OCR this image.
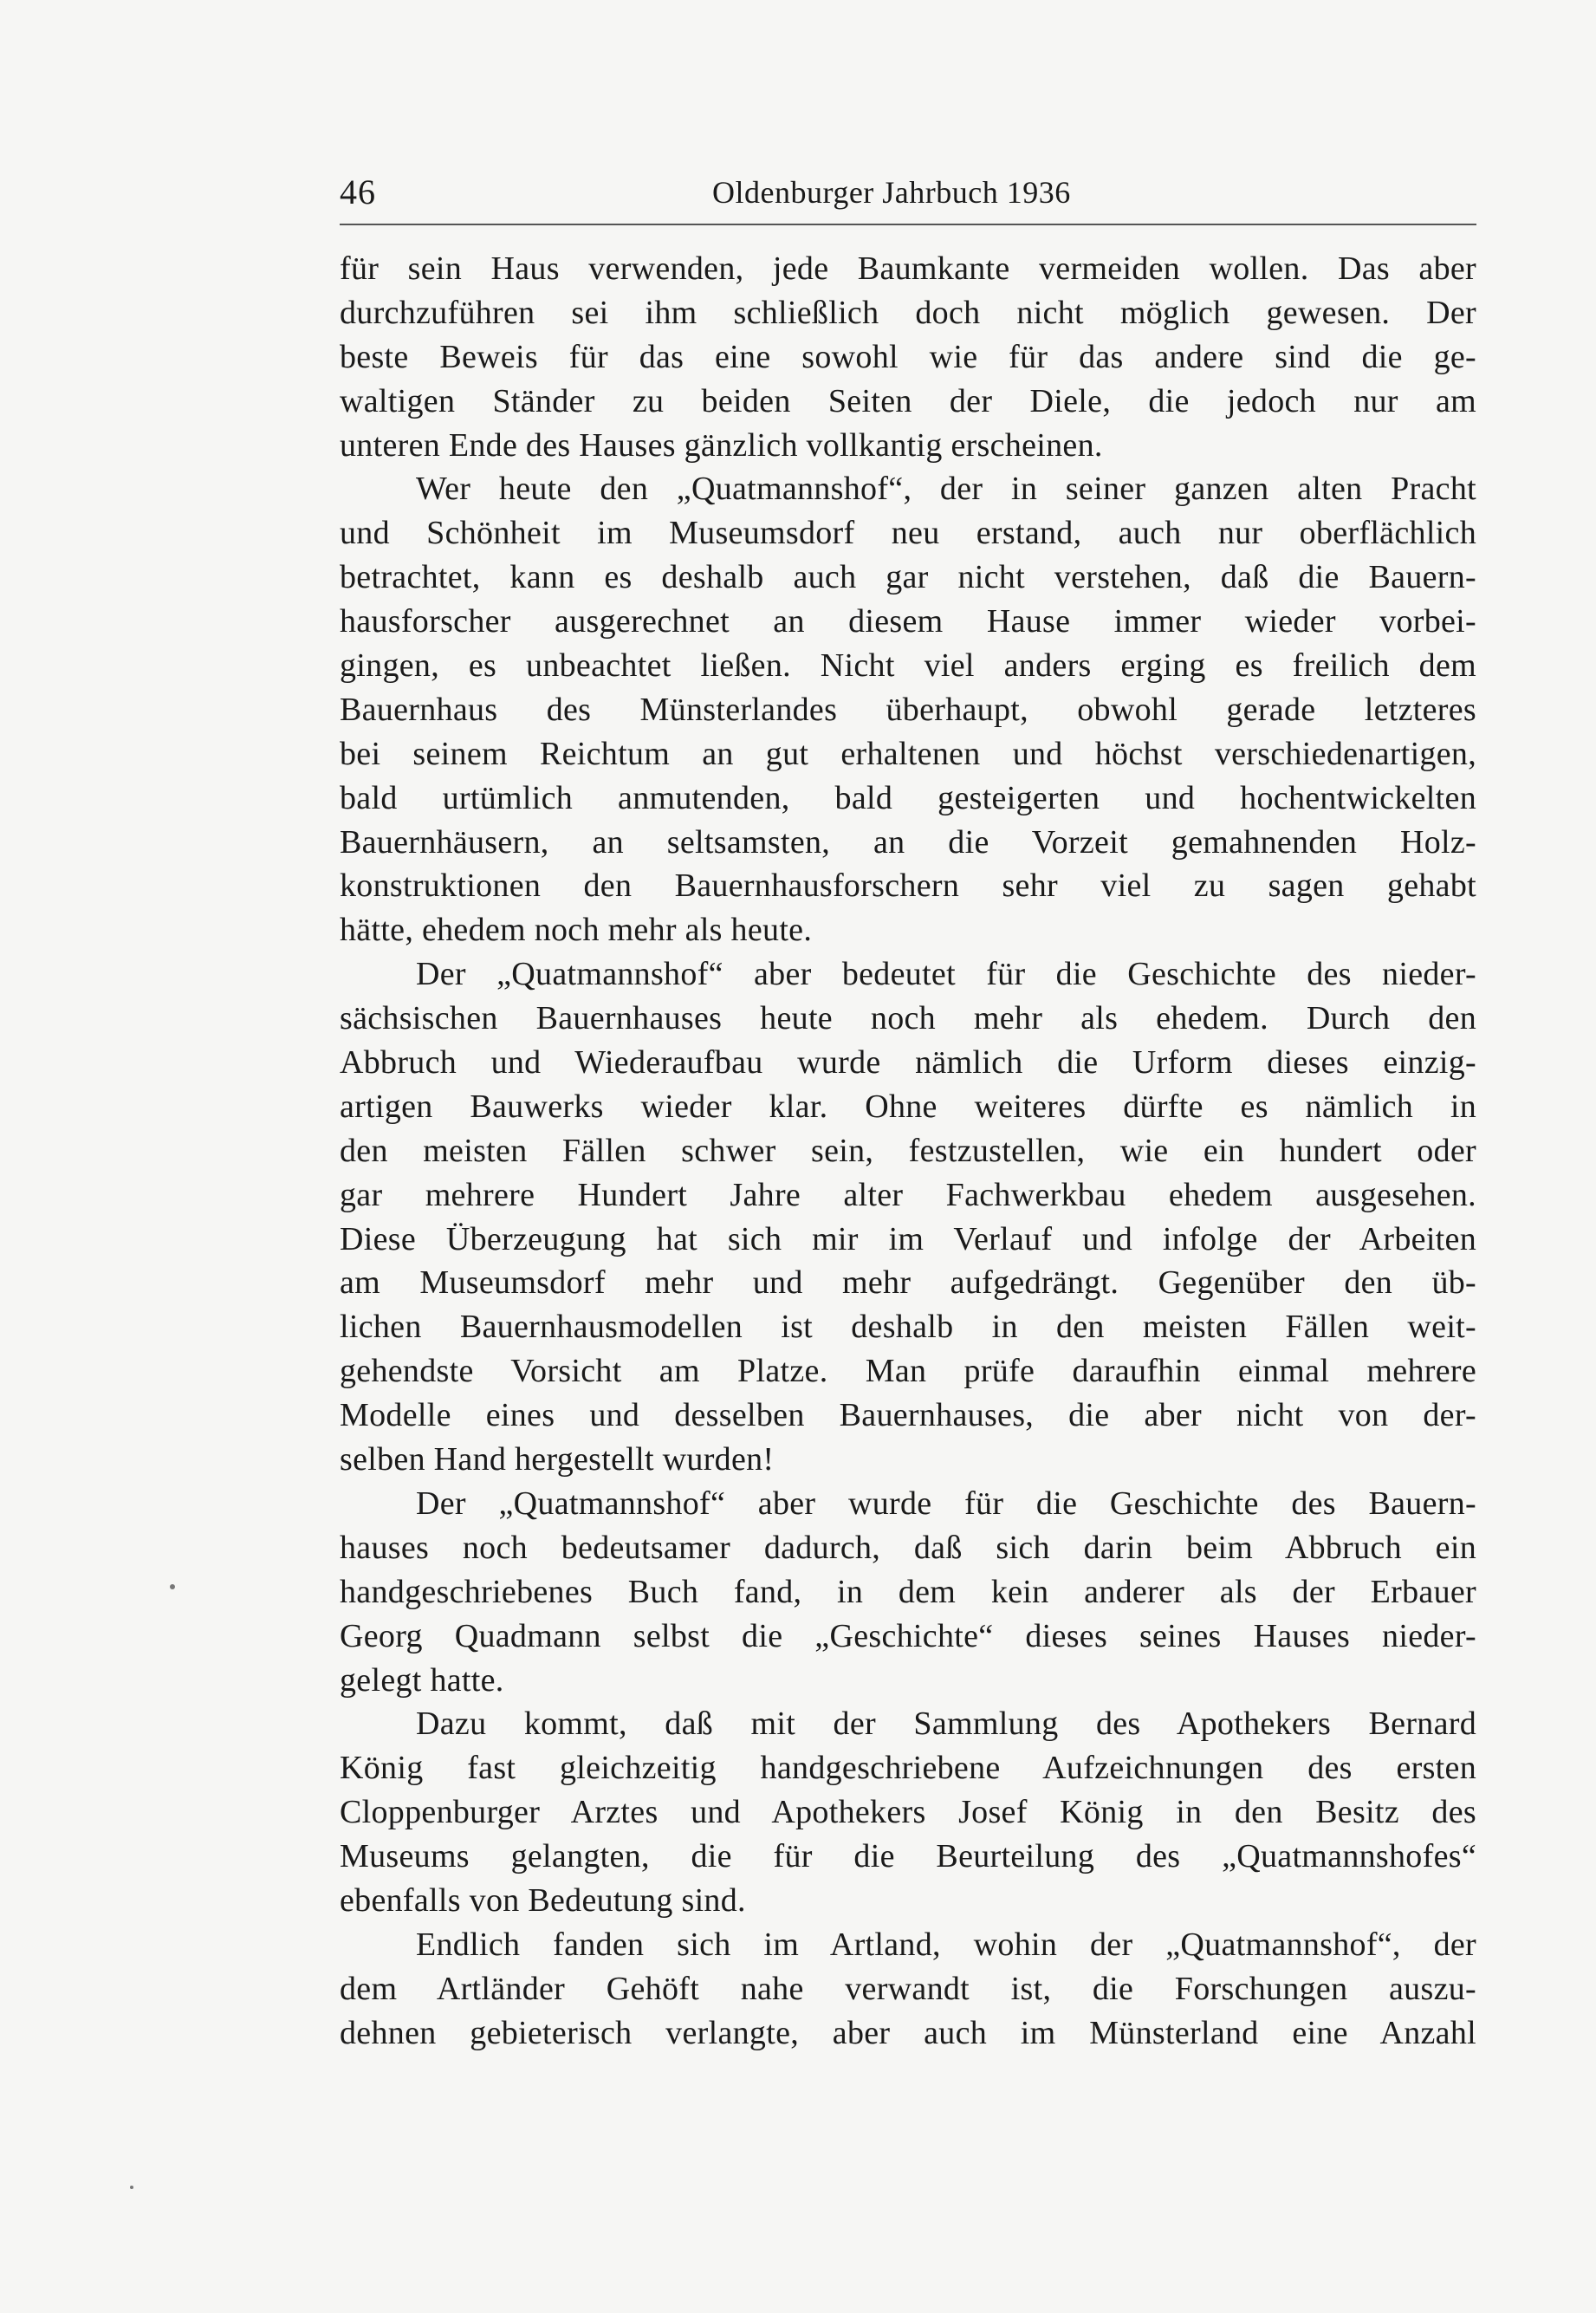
46	Oldenburger Jahrbuch 1936
für sein Haus verwenden, jede Baumkante vermeiden wollen. Das aber
durchzuführen sei ihm schließlich doch nicht möglich gewesen. Der
beste Beweis für das eine sowohl wie für das andere sind die ge-
waltigen Ständer zu beiden Seiten der Diele, die jedoch nur am
unteren Ende des Hauses gänzlich vollkantig erscheinen.
Wer heute den „Quatmannshof“, der in seiner ganzen alten Pracht
und Schönheit im Museumsdorf neu erstand, auch nur oberflächlich
betrachtet, kann es deshalb auch gar nicht verstehen, daß die Bauern-
hausforscher ausgerechnet an diesem Hause immer wieder vorbei-
gingen, es unbeachtet ließen. Nicht viel anders erging es freilich dem
Bauernhaus des Münsterlandes überhaupt, obwohl gerade letzteres
bei seinem Reichtum an gut erhaltenen und höchst verschiedenartigen,
bald urtümlich anmutenden, bald gesteigerten und hochentwickelten
Bauernhäusern, an seltsamsten, an die Vorzeit gemahnenden Holz-
konstruktionen den Bauernhausforschern sehr viel zu sagen gehabt
hätte, ehedem noch mehr als heute.
Der „Quatmannshof“ aber bedeutet für die Geschichte des nieder-
sächsischen Bauernhauses heute noch mehr als ehedem. Durch den
Abbruch und Wiederaufbau wurde nämlich die Urform dieses einzig-
artigen Bauwerks wieder klar. Ohne weiteres dürfte es nämlich in
den meisten Fällen schwer sein, festzustellen, wie ein hundert oder
gar mehrere Hundert Jahre alter Fachwerkbau ehedem ausgesehen.
Diese Überzeugung hat sich mir im Verlauf und infolge der Arbeiten
am Museumsdorf mehr und mehr aufgedrängt. Gegenüber den üb-
lichen Bauernhausmodellen ist deshalb in den meisten Fällen weit-
gehendste Vorsicht am Platze. Man prüfe daraufhin einmal mehrere
Modelle eines und desselben Bauernhauses, die aber nicht von der-
selben Hand hergestellt wurden!
Der „Quatmannshof“ aber wurde für die Geschichte des Bauern-
hauses noch bedeutsamer dadurch, daß sich darin beim Abbruch ein
handgeschriebenes Buch fand, in dem kein anderer als der Erbauer
Georg Quadmann selbst die „Geschichte“ dieses seines Hauses nieder-
gelegt hatte.
Dazu kommt, daß mit der Sammlung des Apothekers Bernard
König fast gleichzeitig handgeschriebene Aufzeichnungen des ersten
Cloppenburger Arztes und Apothekers Josef König in den Besitz des
Museums gelangten, die für die Beurteilung des „Quatmannshofes“
ebenfalls von Bedeutung sind.
Endlich fanden sich im Artland, wohin der „Quatmannshof“, der
dem Artländer Gehöft nahe verwandt ist, die Forschungen auszu-
dehnen gebieterisch verlangte, aber auch im Münsterland eine Anzahl
